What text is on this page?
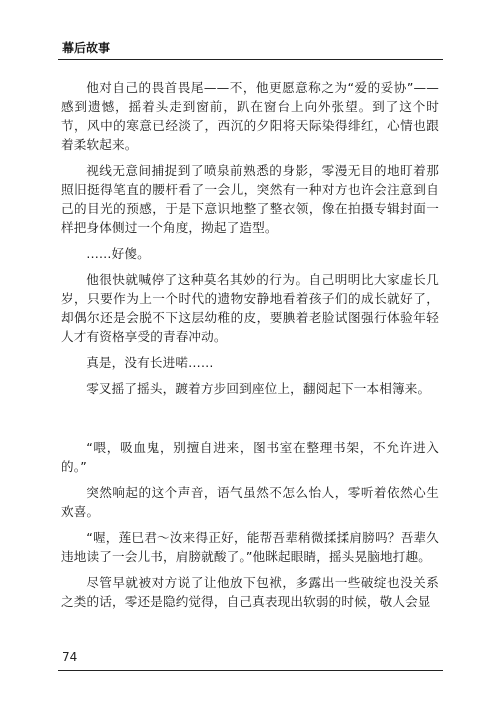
幕后故事

他对自己的畏首畏尾——不，他更愿意称之为“爱的妥协”——感到遗憾，摇着头走到窗前，趴在窗台上向外张望。到了这个时节，风中的寒意已经淡了，西沉的夕阳将天际染得绯红，心情也跟着柔软起来。

视线无意间捕捉到了喷泉前熟悉的身影，零漫无目的地盯着那照旧挺得笔直的腰杆看了一会儿，突然有一种对方也许会注意到自己的目光的预感，于是下意识地整了整衣领，像在拍摄专辑封面一样把身体侧过一个角度，拗起了造型。

……好傻。

他很快就喊停了这种莫名其妙的行为。自己明明比大家虚长几岁，只要作为上一个时代的遗物安静地看着孩子们的成长就好了，却偶尔还是会脱不下这层幼稚的皮，要腆着老脸试图强行体验年轻人才有资格享受的青春冲动。

真是，没有长进喏……

零叉摇了摇头，踱着方步回到座位上，翻阅起下一本相簿来。

“喂，吸血鬼，别擅自进来，图书室在整理书架，不允许进入的。”

突然响起的这个声音，语气虽然不怎么怡人，零听着依然心生欢喜。

“喔，莲巳君～汝来得正好，能帮吾辈稍微揉揉肩膀吗？吾辈久违地读了一会儿书，肩膀就酸了。”他眯起眼睛，摇头晃脑地打趣。

尽管早就被对方说了让他放下包袱，多露出一些破绽也没关系之类的话，零还是隐约觉得，自己真表现出软弱的时候，敬人会显

74
